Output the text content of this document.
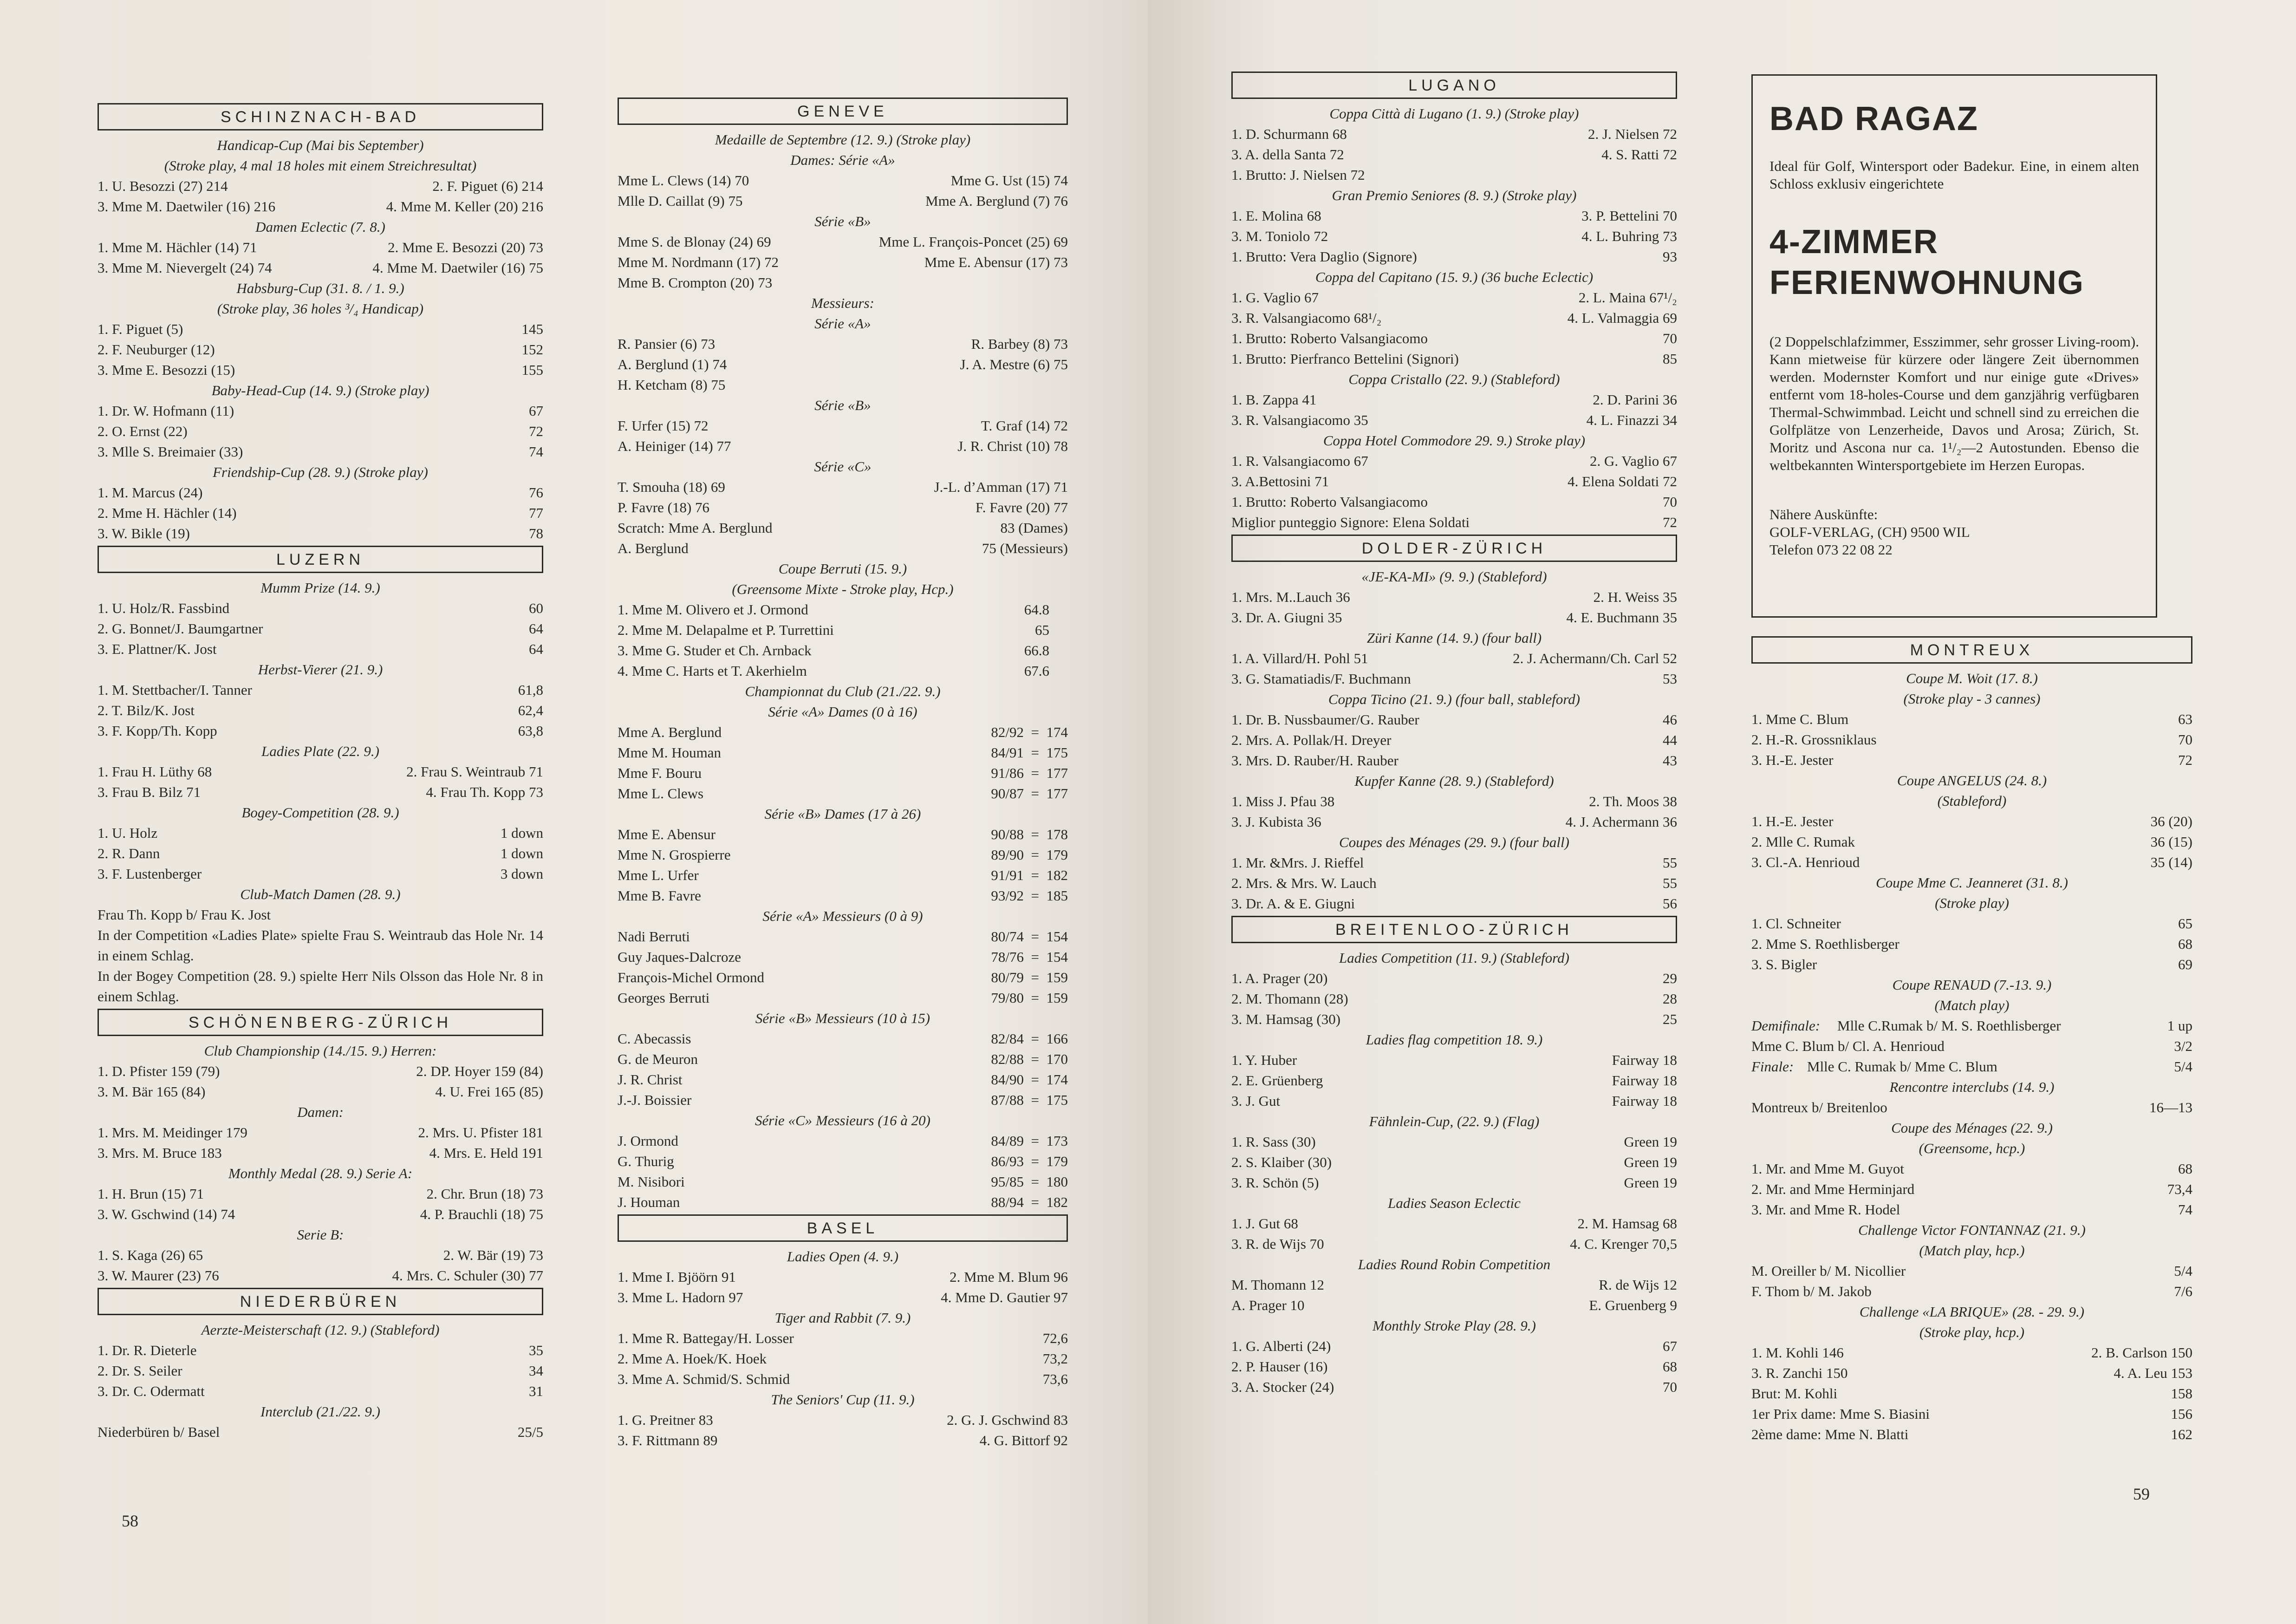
SCHINZNACH-BAD
Handicap-Cup (Mai bis September)
(Stroke play, 4 mal 18 holes mit einem Streichresultat)
1. U. Besozzi (27) 214	2. F. Piguet (6) 214
3. Mme M. Daetwiler (16) 216	4. Mme M. Keller (20) 216
Damen Eclectic (7. 8.)
1. Mme M. Hächler (14) 71	2. Mme E. Besozzi (20) 73
3. Mme M. Nievergelt (24) 74	4. Mme M. Daetwiler (16) 75
Habsburg-Cup (31. 8. / 1. 9.)
(Stroke play, 36 holes ³/₄ Handicap)
1. F. Piguet (5)	145
2. F. Neuburger (12)	152
3. Mme E. Besozzi (15)	155
Baby-Head-Cup (14. 9.) (Stroke play)
1. Dr. W. Hofmann (11)	67
2. O. Ernst (22)	72
3. Mlle S. Breimaier (33)	74
Friendship-Cup (28. 9.) (Stroke play)
1. M. Marcus (24)	76
2. Mme H. Hächler (14)	77
3. W. Bikle (19)	78
LUZERN
Mumm Prize (14. 9.)
1. U. Holz/R. Fassbind	60
2. G. Bonnet/J. Baumgartner	64
3. E. Plattner/K. Jost	64
Herbst-Vierer (21. 9.)
1. M. Stettbacher/I. Tanner	61,8
2. T. Bilz/K. Jost	62,4
3. F. Kopp/Th. Kopp	63,8
Ladies Plate (22. 9.)
1. Frau H. Lüthy 68	2. Frau S. Weintraub 71
3. Frau B. Bilz 71	4. Frau Th. Kopp 73
Bogey-Competition (28. 9.)
1. U. Holz	1 down
2. R. Dann	1 down
3. F. Lustenberger	3 down
Club-Match Damen (28. 9.)
Frau Th. Kopp b/ Frau K. Jost
In der Competition «Ladies Plate» spielte Frau S. Weintraub das Hole Nr. 14 in einem Schlag.
In der Bogey Competition (28. 9.) spielte Herr Nils Olsson das Hole Nr. 8 in einem Schlag.
SCHÖNENBERG-ZÜRICH
Club Championship (14./15. 9.) Herren:
1. D. Pfister 159 (79)	2. DP. Hoyer 159 (84)
3. M. Bär 165 (84)	4. U. Frei 165 (85)
Damen:
1. Mrs. M. Meidinger 179	2. Mrs. U. Pfister 181
3. Mrs. M. Bruce 183	4. Mrs. E. Held 191
Monthly Medal (28. 9.) Serie A:
1. H. Brun (15) 71	2. Chr. Brun (18) 73
3. W. Gschwind (14) 74	4. P. Brauchli (18) 75
Serie B:
1. S. Kaga (26) 65	2. W. Bär (19) 73
3. W. Maurer (23) 76	4. Mrs. C. Schuler (30) 77
NIEDERBÜREN
Aerzte-Meisterschaft (12. 9.) (Stableford)
1. Dr. R. Dieterle	35
2. Dr. S. Seiler	34
3. Dr. C. Odermatt	31
Interclub (21./22. 9.)
Niederbüren b/ Basel	25/5
GENEVE
Medaille de Septembre (12. 9.) (Stroke play)
Dames: Série «A»
Mme L. Clews (14) 70	Mme G. Ust (15) 74
Mlle D. Caillat (9) 75	Mme A. Berglund (7) 76
Série «B»
Mme S. de Blonay (24) 69	Mme L. François-Poncet (25) 69
Mme M. Nordmann (17) 72	Mme E. Abensur (17) 73
Mme B. Crompton (20) 73
Messieurs:
Série «A»
R. Pansier (6) 73	R. Barbey (8) 73
A. Berglund (1) 74	J. A. Mestre (6) 75
H. Ketcham (8) 75
Série «B»
F. Urfer (15) 72	T. Graf (14) 72
A. Heiniger (14) 77	J. R. Christ (10) 78
Série «C»
T. Smouha (18) 69	J.-L. d’Amman (17) 71
P. Favre (18) 76	F. Favre (20) 77
Scratch: Mme A. Berglund	83 (Dames)
A. Berglund	75 (Messieurs)
Coupe Berruti (15. 9.)
(Greensome Mixte - Stroke play, Hcp.)
1. Mme M. Olivero et J. Ormond	64.8
2. Mme M. Delapalme et P. Turrettini	65
3. Mme G. Studer et Ch. Arnback	66.8
4. Mme C. Harts et T. Akerhielm	67.6
Championnat du Club (21./22. 9.)
Série «A» Dames (0 à 16)
Mme A. Berglund	82/92  =  174
Mme M. Houman	84/91  =  175
Mme F. Bouru	91/86  =  177
Mme L. Clews	90/87  =  177
Série «B» Dames (17 à 26)
Mme E. Abensur	90/88  =  178
Mme N. Grospierre	89/90  =  179
Mme L. Urfer	91/91  =  182
Mme B. Favre	93/92  =  185
Série «A» Messieurs (0 à 9)
Nadi Berruti	80/74  =  154
Guy Jaques-Dalcroze	78/76  =  154
François-Michel Ormond	80/79  =  159
Georges Berruti	79/80  =  159
Série «B» Messieurs (10 à 15)
C. Abecassis	82/84  =  166
G. de Meuron	82/88  =  170
J. R. Christ	84/90  =  174
J.-J. Boissier	87/88  =  175
Série «C» Messieurs (16 à 20)
J. Ormond	84/89  =  173
G. Thurig	86/93  =  179
M. Nisibori	95/85  =  180
J. Houman	88/94  =  182
BASEL
Ladies Open (4. 9.)
1. Mme I. Bjöörn 91	2. Mme M. Blum 96
3. Mme L. Hadorn 97	4. Mme D. Gautier 97
Tiger and Rabbit (7. 9.)
1. Mme R. Battegay/H. Losser	72,6
2. Mme A. Hoek/K. Hoek	73,2
3. Mme A. Schmid/S. Schmid	73,6
The Seniors' Cup (11. 9.)
1. G. Preitner 83	2. G. J. Gschwind 83
3. F. Rittmann 89	4. G. Bittorf 92
58
LUGANO
Coppa Città di Lugano (1. 9.) (Stroke play)
1. D. Schurmann 68	2. J. Nielsen 72
3. A. della Santa 72	4. S. Ratti 72
1. Brutto: J. Nielsen 72
Gran Premio Seniores (8. 9.) (Stroke play)
1. E. Molina 68	3. P. Bettelini 70
3. M. Toniolo 72	4. L. Buhring 73
1. Brutto: Vera Daglio (Signore)	93
Coppa del Capitano (15. 9.) (36 buche Eclectic)
1. G. Vaglio 67	2. L. Maina 67¹/₂
3. R. Valsangiacomo 68¹/₂	4. L. Valmaggia 69
1. Brutto: Roberto Valsangiacomo	70
1. Brutto: Pierfranco Bettelini (Signori)	85
Coppa Cristallo (22. 9.) (Stableford)
1. B. Zappa 41	2. D. Parini 36
3. R. Valsangiacomo 35	4. L. Finazzi 34
Coppa Hotel Commodore 29. 9.) Stroke play)
1. R. Valsangiacomo 67	2. G. Vaglio 67
3. A.Bettosini 71	4. Elena Soldati 72
1. Brutto: Roberto Valsangiacomo	70
Miglior punteggio Signore: Elena Soldati	72
DOLDER-ZÜRICH
«JE-KA-MI» (9. 9.) (Stableford)
1. Mrs. M..Lauch 36	2. H. Weiss 35
3. Dr. A. Giugni 35	4. E. Buchmann 35
Züri Kanne (14. 9.) (four ball)
1. A. Villard/H. Pohl 51	2. J. Achermann/Ch. Carl 52
3. G. Stamatiadis/F. Buchmann	53
Coppa Ticino (21. 9.) (four ball, stableford)
1. Dr. B. Nussbaumer/G. Rauber	46
2. Mrs. A. Pollak/H. Dreyer	44
3. Mrs. D. Rauber/H. Rauber	43
Kupfer Kanne (28. 9.) (Stableford)
1. Miss J. Pfau 38	2. Th. Moos 38
3. J. Kubista 36	4. J. Achermann 36
Coupes des Ménages (29. 9.) (four ball)
1. Mr. &Mrs. J. Rieffel	55
2. Mrs. & Mrs. W. Lauch	55
3. Dr. A. & E. Giugni	56
BREITENLOO-ZÜRICH
Ladies Competition (11. 9.) (Stableford)
1. A. Prager (20)	29
2. M. Thomann (28)	28
3. M. Hamsag (30)	25
Ladies flag competition 18. 9.)
1. Y. Huber	Fairway 18
2. E. Grüenberg	Fairway 18
3. J. Gut	Fairway 18
Fähnlein-Cup, (22. 9.) (Flag)
1. R. Sass (30)	Green 19
2. S. Klaiber (30)	Green 19
3. R. Schön (5)	Green 19
Ladies Season Eclectic
1. J. Gut 68	2. M. Hamsag 68
3. R. de Wijs 70	4. C. Krenger 70,5
Ladies Round Robin Competition
M. Thomann 12	R. de Wijs 12
A. Prager 10	E. Gruenberg 9
Monthly Stroke Play (28. 9.)
1. G. Alberti (24)	67
2. P. Hauser (16)	68
3. A. Stocker (24)	70
MONTREUX
Coupe M. Woit (17. 8.)
(Stroke play - 3 cannes)
1. Mme C. Blum	63
2. H.-R. Grossniklaus	70
3. H.-E. Jester	72
Coupe ANGELUS (24. 8.)
(Stableford)
1. H.-E. Jester	36 (20)
2. Mlle C. Rumak	36 (15)
3. Cl.-A. Henrioud	35 (14)
Coupe Mme C. Jeanneret (31. 8.)
(Stroke play)
1. Cl. Schneiter	65
2. Mme S. Roethlisberger	68
3. S. Bigler	69
Coupe RENAUD (7.-13. 9.)
(Match play)
Demifinale: Mlle C.Rumak b/ M. S. Roethlisberger	1 up
Mme C. Blum b/ Cl. A. Henrioud	3/2
Finale: Mlle C. Rumak b/ Mme C. Blum	5/4
Rencontre interclubs (14. 9.)
Montreux b/ Breitenloo	16—13
Coupe des Ménages (22. 9.)
(Greensome, hcp.)
1. Mr. and Mme M. Guyot	68
2. Mr. and Mme Herminjard	73,4
3. Mr. and Mme R. Hodel	74
Challenge Victor FONTANNAZ (21. 9.)
(Match play, hcp.)
M. Oreiller b/ M. Nicollier	5/4
F. Thom b/ M. Jakob	7/6
Challenge «LA BRIQUE» (28. - 29. 9.)
(Stroke play, hcp.)
1. M. Kohli 146	2. B. Carlson 150
3. R. Zanchi 150	4. A. Leu 153
Brut: M. Kohli	158
1er Prix dame: Mme S. Biasini	156
2ème dame: Mme N. Blatti	162
BAD RAGAZ
Ideal für Golf, Wintersport oder Badekur. Eine, in einem alten Schloss exklusiv eingerichtete
4-ZIMMER
FERIENWOHNUNG
(2 Doppelschlafzimmer, Esszimmer, sehr grosser Living-room). Kann mietweise für kürzere oder längere Zeit übernommen werden. Modernster Komfort und nur einige gute «Drives» entfernt vom 18-holes-Course und dem ganzjährig verfügbaren Thermal-Schwimmbad. Leicht und schnell sind zu erreichen die Golfplätze von Lenzerheide, Davos und Arosa; Zürich, St. Moritz und Ascona nur ca. 1¹/₂—2 Autostunden. Ebenso die weltbekannten Wintersportgebiete im Herzen Europas.
Nähere Auskünfte:
GOLF-VERLAG, (CH) 9500 WIL
Telefon 073 22 08 22
59
